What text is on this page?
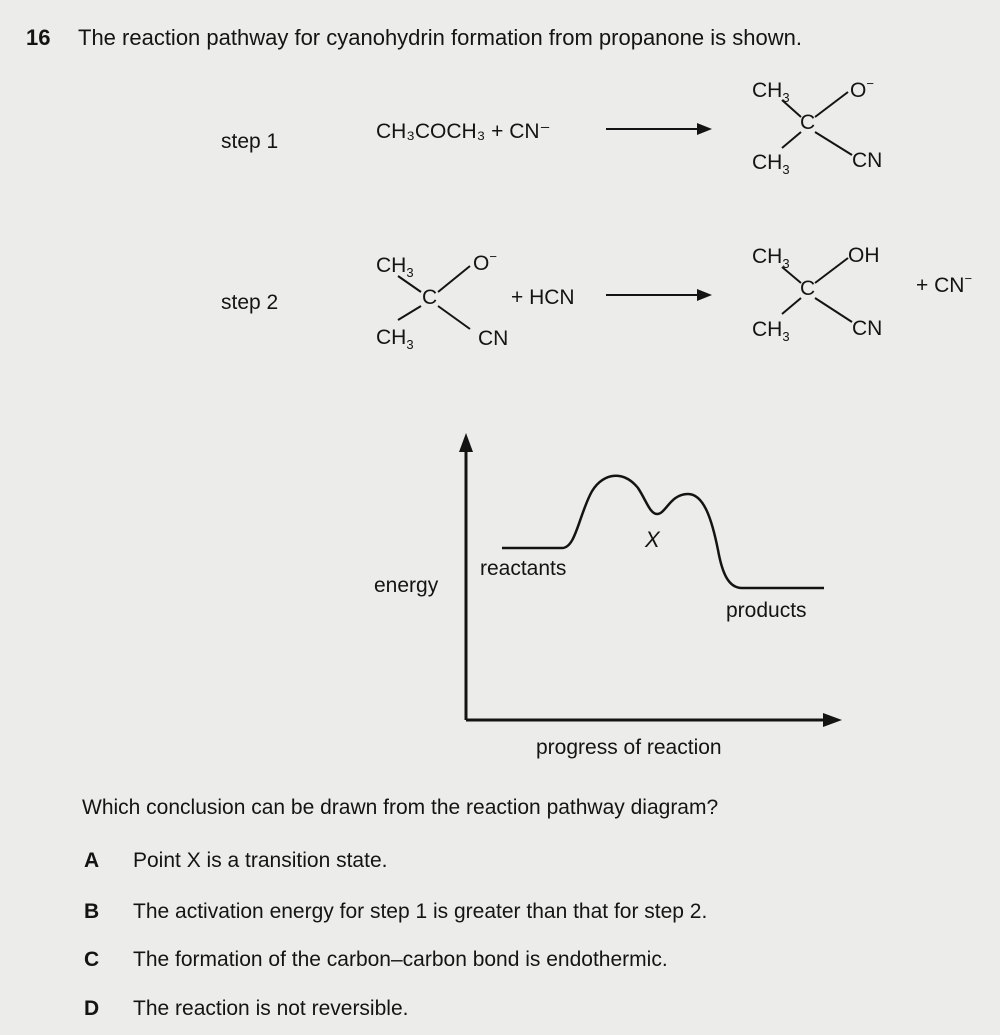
16 The reaction pathway for cyanohydrin formation from propanone is shown.
step 1	CH₃COCH₃ + CN⁻
$CH_3$
C
O−
$CH_3$	CN
step 2
$CH_3$
C
O−
$CH_3$	CN
+ HCN
$CH_3$
C
OH
$CH_3$	CN
+ CN−
energy
reactants
products
X
progress of reaction
Which conclusion can be drawn from the reaction pathway diagram?
A Point X is a transition state.
B The activation energy for step 1 is greater than that for step 2.
C The formation of the carbon–carbon bond is endothermic.
D The reaction is not reversible.
